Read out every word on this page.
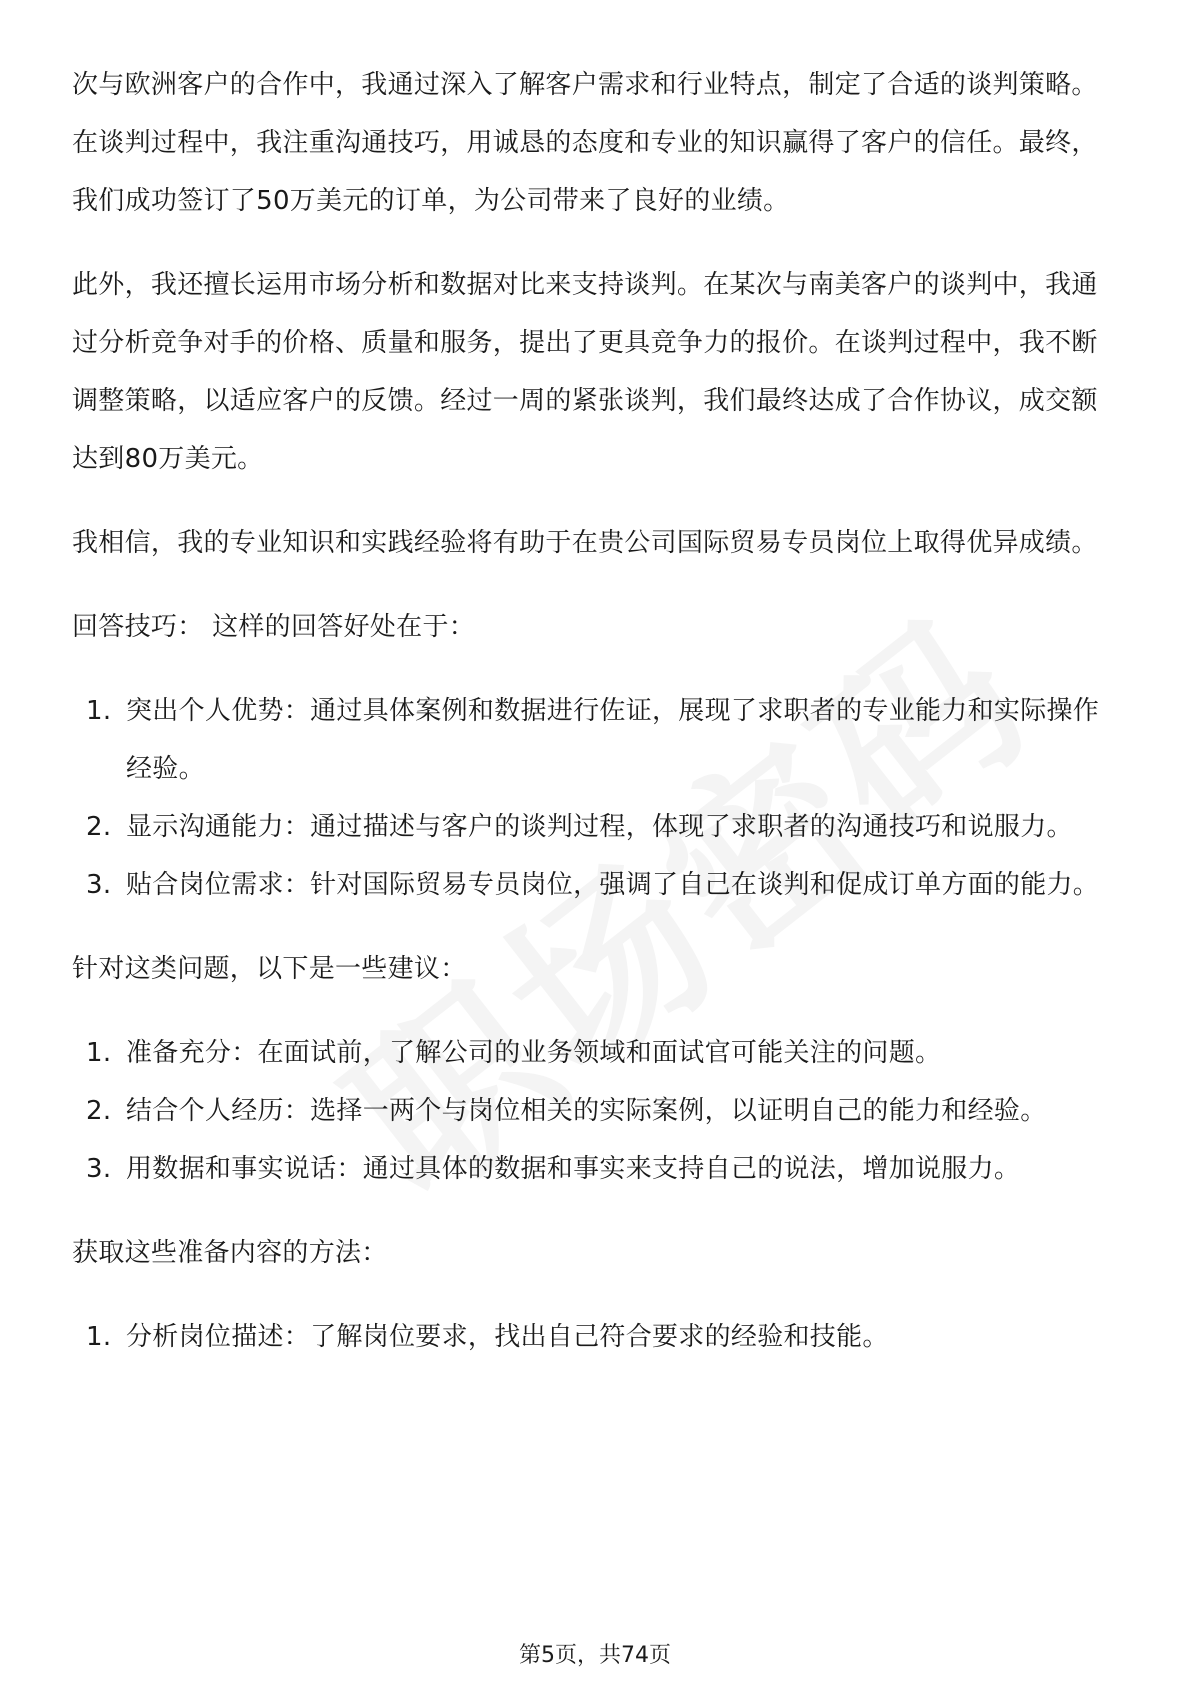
次与欧洲客户的合作中，我通过深入了解客户需求和行业特点，制定了合适的谈判策略。在谈判过程中，我注重沟通技巧，用诚恳的态度和专业的知识赢得了客户的信任。最终，我们成功签订了50万美元的订单，为公司带来了良好的业绩。

此外，我还擅长运用市场分析和数据对比来支持谈判。在某次与南美客户的谈判中，我通过分析竞争对手的价格、质量和服务，提出了更具竞争力的报价。在谈判过程中，我不断调整策略，以适应客户的反馈。经过一周的紧张谈判，我们最终达成了合作协议，成交额达到80万美元。

我相信，我的专业知识和实践经验将有助于在贵公司国际贸易专员岗位上取得优异成绩。

回答技巧： 这样的回答好处在于：

1. 突出个人优势：通过具体案例和数据进行佐证，展现了求职者的专业能力和实际操作经验。
2. 显示沟通能力：通过描述与客户的谈判过程，体现了求职者的沟通技巧和说服力。
3. 贴合岗位需求：针对国际贸易专员岗位，强调了自己在谈判和促成订单方面的能力。

针对这类问题，以下是一些建议：

1. 准备充分：在面试前，了解公司的业务领域和面试官可能关注的问题。
2. 结合个人经历：选择一两个与岗位相关的实际案例，以证明自己的能力和经验。
3. 用数据和事实说话：通过具体的数据和事实来支持自己的说法，增加说服力。

获取这些准备内容的方法：

1. 分析岗位描述：了解岗位要求，找出自己符合要求的经验和技能。
第5页，共74页
